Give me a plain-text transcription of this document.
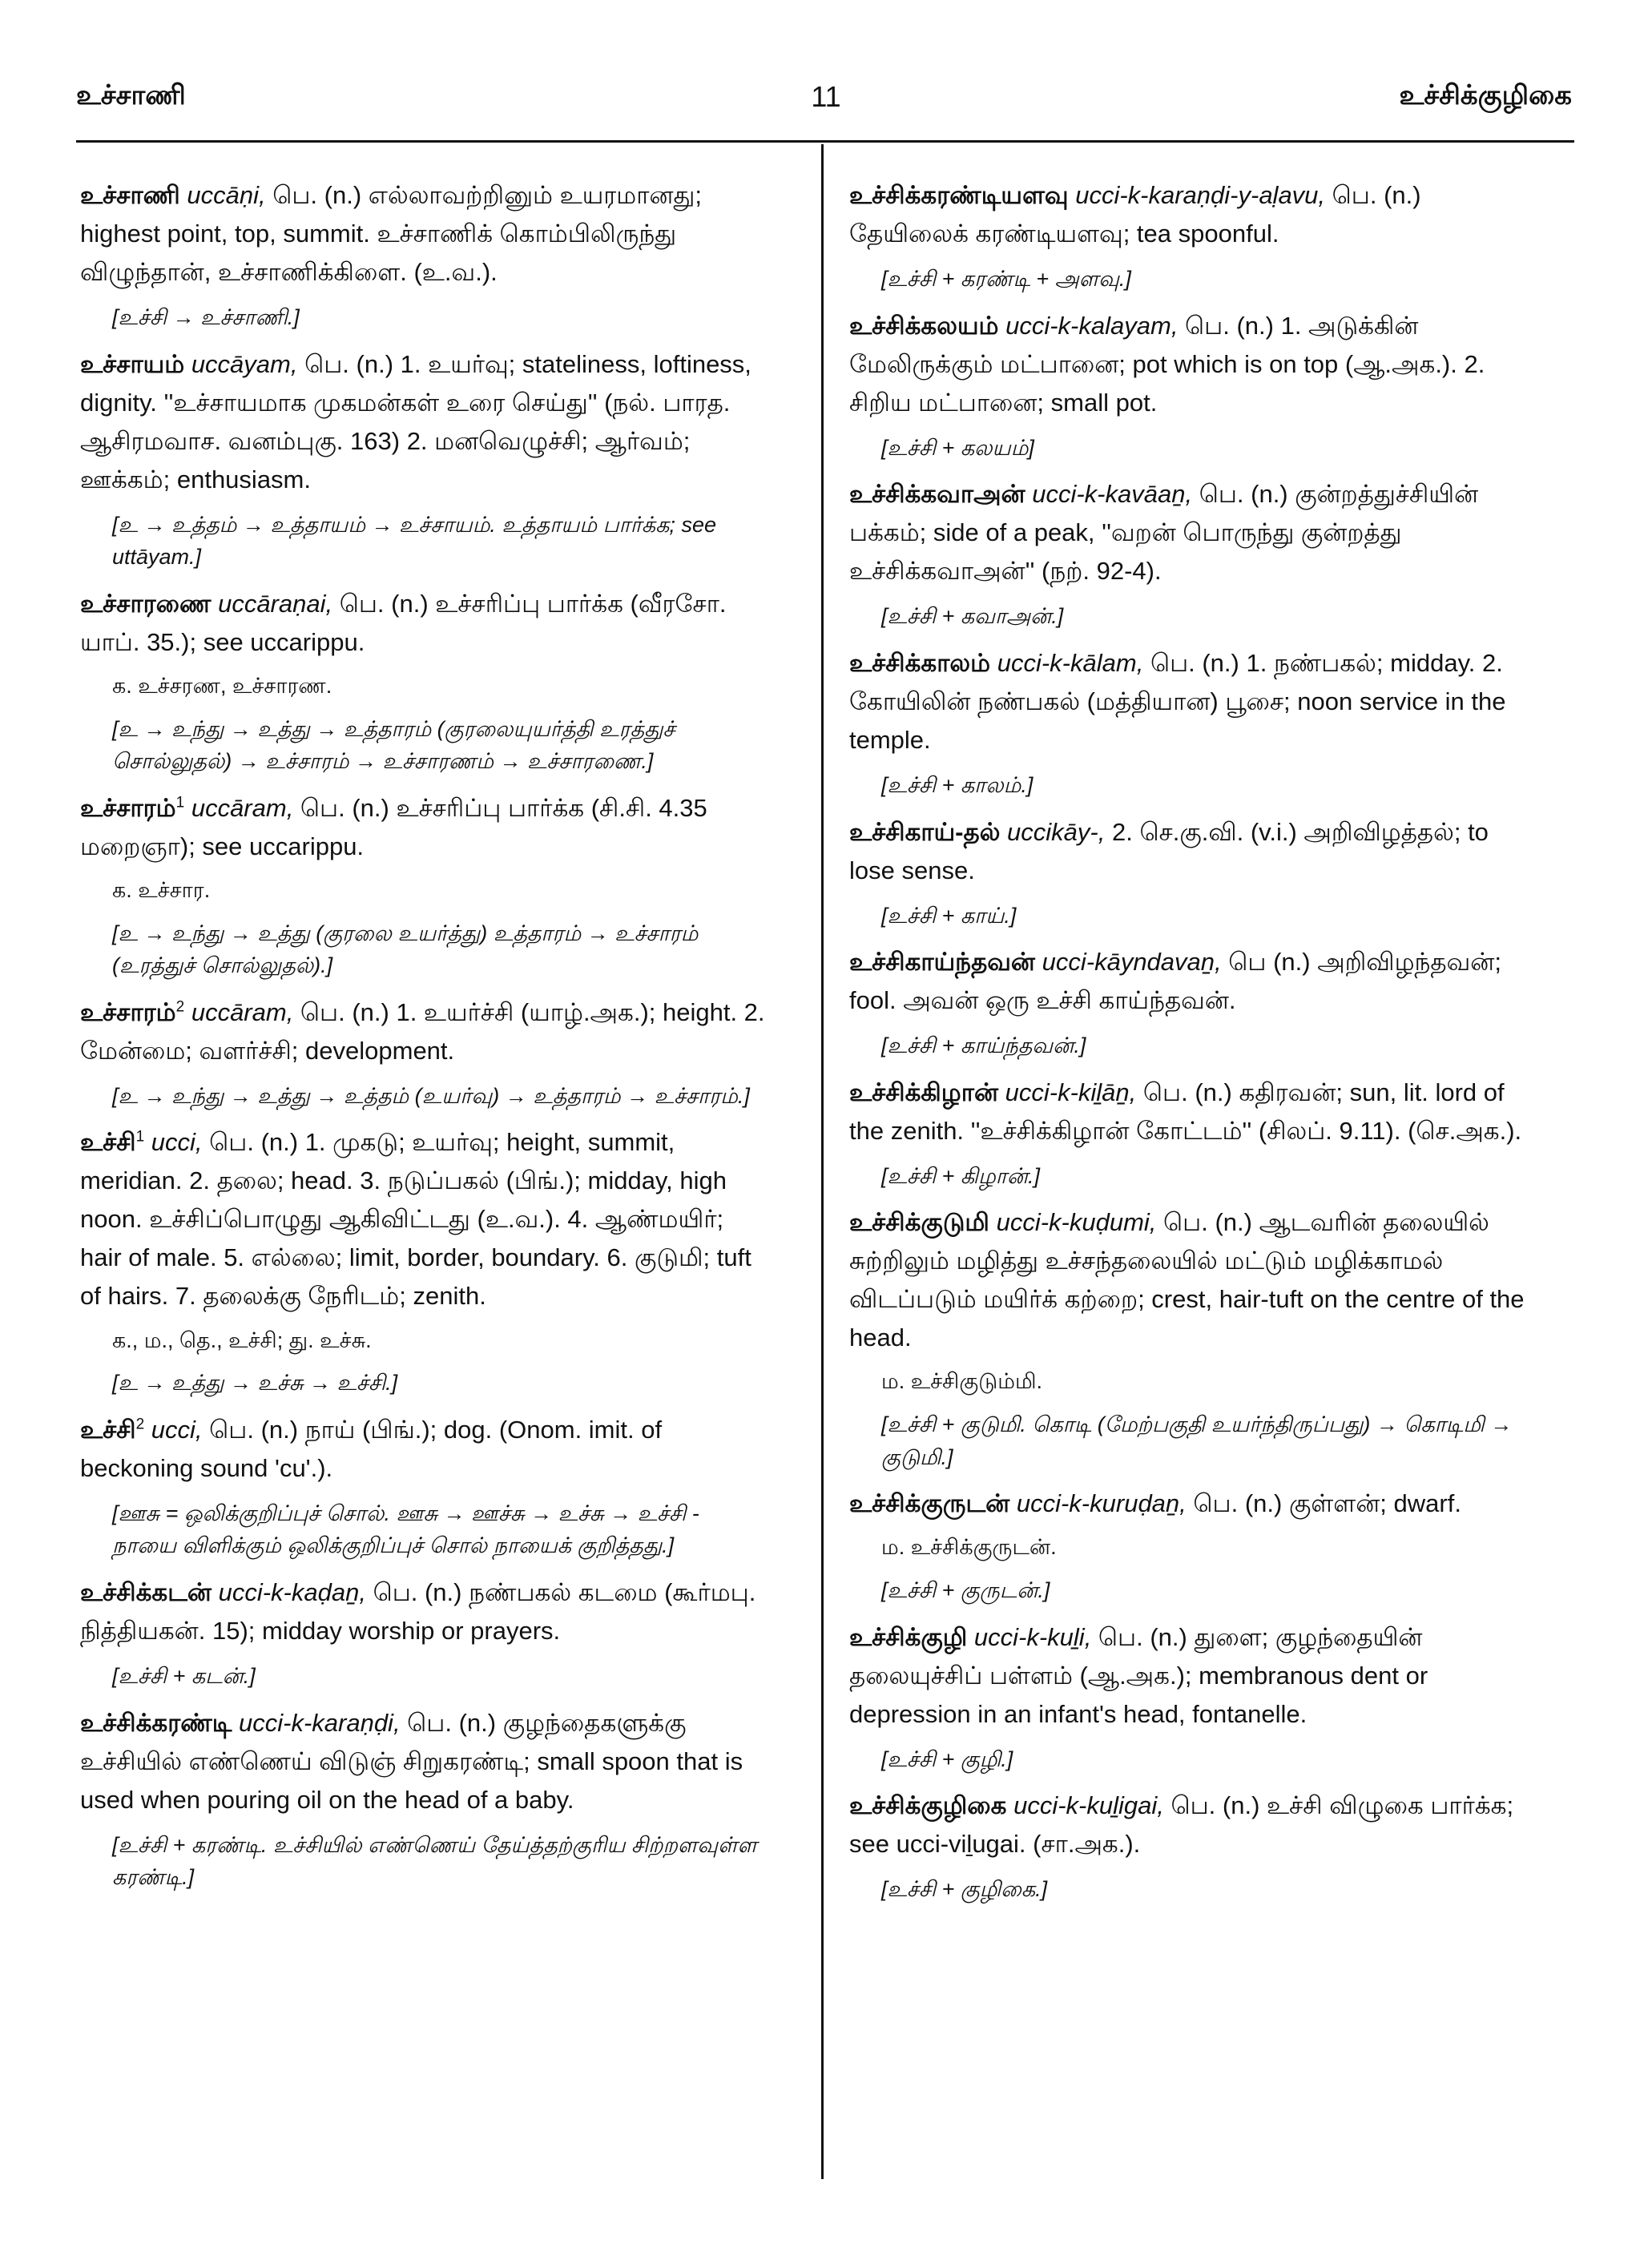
உச்சாணி	11	உச்சிக்குழிகை

உச்சாணி uccāṇi, பெ. (n.) எல்லாவற்றினும் உயரமானது; highest point, top, summit. உச்சாணிக் கொம்பிலிருந்து விழுந்தான், உச்சாணிக்கிளை. (உ.வ.).

[உச்சி → உச்சாணி.]

உச்சாயம் uccāyam, பெ. (n.) 1. உயர்வு; stateliness, loftiness, dignity. ''உச்சாயமாக முகமன்கள் உரை செய்து'' (நல். பாரத. ஆசிரமவாச. வனம்புகு. 163) 2. மனவெழுச்சி; ஆர்வம்; ஊக்கம்; enthusiasm.

[உ → உத்தம் → உத்தாயம் → உச்சாயம். உத்தாயம் பார்க்க; see uttāyam.]

உச்சாரணை uccāraṇai, பெ. (n.) உச்சரிப்பு பார்க்க (வீரசோ. யாப். 35.); see uccarippu.

க. உச்சரண, உச்சாரண.
[உ → உந்து → உத்து → உத்தாரம் (குரலையுயர்த்தி உரத்துச் சொல்லுதல்) → உச்சாரம் → உச்சாரணம் → உச்சாரணை.]

உச்சாரம்$^1$ uccāram, பெ. (n.) உச்சரிப்பு பார்க்க (சி.சி. 4.35 மறைஞா); see uccarippu.

க. உச்சார.
[உ → உந்து → உத்து (குரலை உயர்த்து) உத்தாரம் → உச்சாரம் (உரத்துச் சொல்லுதல்).]

உச்சாரம்$^2$ uccāram, பெ. (n.) 1. உயர்ச்சி (யாழ்.அக.); height. 2. மேன்மை; வளர்ச்சி; development.

[உ → உந்து → உத்து → உத்தம் (உயர்வு) → உத்தாரம் → உச்சாரம்.]

உச்சி$^1$ ucci, பெ. (n.) 1. முகடு; உயர்வு; height, summit, meridian. 2. தலை; head. 3. நடுப்பகல் (பிங்.); midday, high noon. உச்சிப்பொழுது ஆகிவிட்டது (உ.வ.). 4. ஆண்மயிர்; hair of male. 5. எல்லை; limit, border, boundary. 6. குடுமி; tuft of hairs. 7. தலைக்கு நேரிடம்; zenith.

க., ம., தெ., உச்சி; து. உச்சு.
[உ → உத்து → உச்சு → உச்சி.]

உச்சி$^2$ ucci, பெ. (n.) நாய் (பிங்.); dog. (Onom. imit. of beckoning sound 'cu'.).

[ஊசு = ஒலிக்குறிப்புச் சொல். ஊசு → ஊச்சு → உச்சு → உச்சி - நாயை விளிக்கும் ஒலிக்குறிப்புச் சொல் நாயைக் குறித்தது.]

உச்சிக்கடன் ucci-k-kaḍaṉ, பெ. (n.) நண்பகல் கடமை (கூர்மபு. நித்தியகன். 15); midday worship or prayers.

[உச்சி + கடன்.]

உச்சிக்கரண்டி ucci-k-karaṇḍi, பெ. (n.) குழந்தைகளுக்கு உச்சியில் எண்ணெய் விடுஞ் சிறுகரண்டி; small spoon that is used when pouring oil on the head of a baby.

[உச்சி + கரண்டி. உச்சியில் எண்ணெய் தேய்த்தற்குரிய சிற்றளவுள்ள கரண்டி.]

உச்சிக்கரண்டியளவு ucci-k-karaṇḍi-y-aḷavu, பெ. (n.) தேயிலைக் கரண்டியளவு; tea spoonful.

[உச்சி + கரண்டி + அளவு.]

உச்சிக்கலயம் ucci-k-kalayam, பெ. (n.) 1. அடுக்கின் மேலிருக்கும் மட்பானை; pot which is on top (ஆ.அக.). 2. சிறிய மட்பானை; small pot.

[உச்சி + கலயம்]

உச்சிக்கவாஅன் ucci-k-kavāaṉ, பெ. (n.) குன்றத்துச்சியின் பக்கம்; side of a peak, ''வறன் பொருந்து குன்றத்து உச்சிக்கவாஅன்'' (நற். 92-4).

[உச்சி + கவாஅன்.]

உச்சிக்காலம் ucci-k-kālam, பெ. (n.) 1. நண்பகல்; midday. 2. கோயிலின் நண்பகல் (மத்தியான) பூசை; noon service in the temple.

[உச்சி + காலம்.]

உச்சிகாய்-தல் uccikāy-, 2. செ.கு.வி. (v.i.) அறிவிழத்தல்; to lose sense.

[உச்சி + காய்.]

உச்சிகாய்ந்தவன் ucci-kāyndavaṉ, பெ (n.) அறிவிழந்தவன்; fool. அவன் ஒரு உச்சி காய்ந்தவன்.

[உச்சி + காய்ந்தவன்.]

உச்சிக்கிழான் ucci-k-kiḻāṉ, பெ. (n.) கதிரவன்; sun, lit. lord of the zenith. ''உச்சிக்கிழான் கோட்டம்'' (சிலப். 9.11). (செ.அக.).

[உச்சி + கிழான்.]

உச்சிக்குடுமி ucci-k-kuḍumi, பெ. (n.) ஆடவரின் தலையில் சுற்றிலும் மழித்து உச்சந்தலையில் மட்டும் மழிக்காமல் விடப்படும் மயிர்க் கற்றை; crest, hair-tuft on the centre of the head.

ம. உச்சிகுடும்மி.
[உச்சி + குடுமி. கொடி (மேற்பகுதி உயர்ந்திருப்பது) → கொடிமி → குடுமி.]

உச்சிக்குருடன் ucci-k-kuruḍaṉ, பெ. (n.) குள்ளன்; dwarf.

ம. உச்சிக்குருடன்.
[உச்சி + குருடன்.]

உச்சிக்குழி ucci-k-kuḻi, பெ. (n.) துளை; குழந்தையின் தலையுச்சிப் பள்ளம் (ஆ.அக.); membranous dent or depression in an infant's head, fontanelle.

[உச்சி + குழி.]

உச்சிக்குழிகை ucci-k-kuḻigai, பெ. (n.) உச்சி விழுகை பார்க்க; see ucci-viḻugai. (சா.அக.).

[உச்சி + குழிகை.]
